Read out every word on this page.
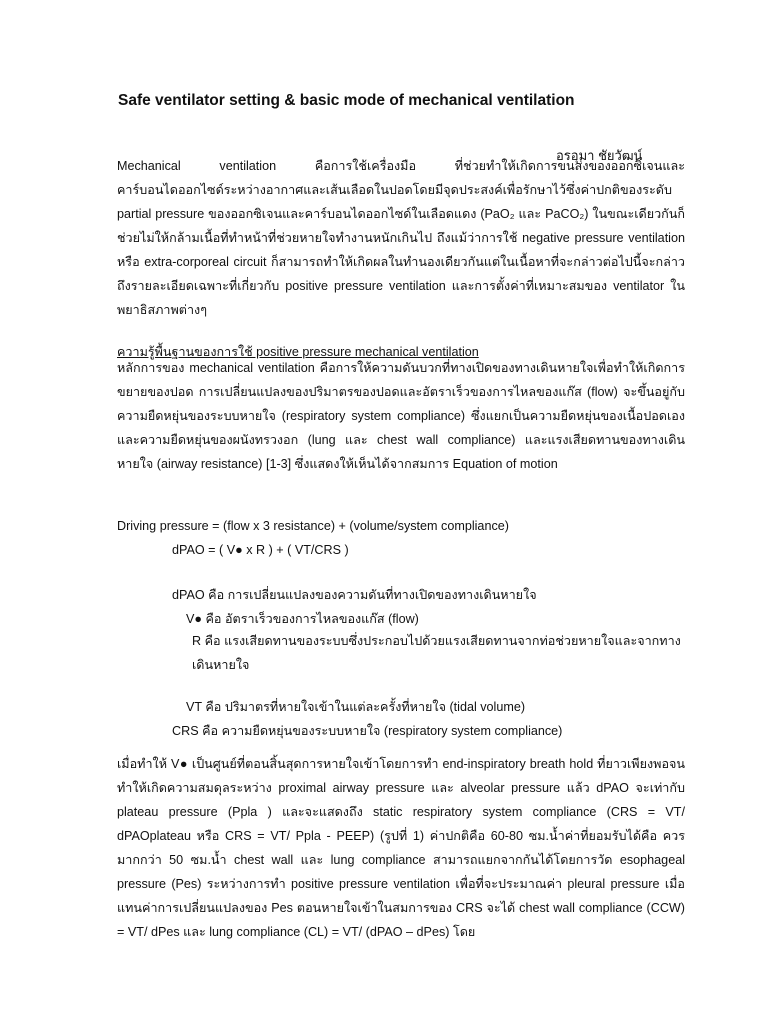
Safe ventilator setting & basic mode of mechanical ventilation
อรอุมา ชัยวัฒน์
Mechanical ventilation คือการใช้เครื่องมือ ที่ช่วยทำให้เกิดการขนส่งของออกซิเจนและคาร์บอนไดออกไซด์ระหว่างอากาศและเส้นเลือดในปอดโดยมีจุดประสงค์เพื่อรักษาไว้ซึ่งค่าปกติของระดับ partial pressure ของออกซิเจนและคาร์บอนไดออกไซด์ในเลือดแดง (PaO₂ และ PaCO₂) ในขณะเดียวกันก็ช่วยไม่ให้กล้ามเนื้อที่ทำหน้าที่ช่วยหายใจทำงานหนักเกินไป ถึงแม้ว่าการใช้ negative pressure ventilation หรือ extra-corporeal circuit ก็สามารถทำให้เกิดผลในทำนองเดียวกันแต่ในเนื้อหาที่จะกล่าวต่อไปนี้จะกล่าวถึงรายละเอียดเฉพาะที่เกี่ยวกับ positive pressure ventilation และการตั้งค่าที่เหมาะสมของ ventilator ในพยาธิสภาพต่างๆ
ความรู้พื้นฐานของการใช้ positive pressure mechanical ventilation
หลักการของ mechanical ventilation คือการให้ความดันบวกที่ทางเปิดของทางเดินหายใจเพื่อทำให้เกิดการขยายของปอด การเปลี่ยนแปลงของปริมาตรของปอดและอัตราเร็วของการไหลของแก๊ส (flow) จะขึ้นอยู่กับความยืดหยุ่นของระบบหายใจ (respiratory system compliance) ซึ่งแยกเป็นความยืดหยุ่นของเนื้อปอดเองและความยืดหยุ่นของผนังทรวงอก (lung และ chest wall compliance) และแรงเสียดทานของทางเดินหายใจ (airway resistance) [1-3] ซึ่งแสดงให้เห็นได้จากสมการ Equation of motion
Driving pressure = (flow x 3 resistance) + (volume/system compliance)
dPAO = ( V● x R ) + ( VT/CRS )
dPAO คือ การเปลี่ยนแปลงของความดันที่ทางเปิดของทางเดินหายใจ
V● คือ อัตราเร็วของการไหลของแก๊ส (flow)
R คือ แรงเสียดทานของระบบซึ่งประกอบไปด้วยแรงเสียดทานจากท่อช่วยหายใจและจากทางเดินหายใจ
VT คือ ปริมาตรที่หายใจเข้าในแต่ละครั้งที่หายใจ (tidal volume)
CRS คือ ความยืดหยุ่นของระบบหายใจ (respiratory system compliance)
เมื่อทำให้ V● เป็นศูนย์ที่ตอนสิ้นสุดการหายใจเข้าโดยการทำ end-inspiratory breath hold ที่ยาวเพียงพอจนทำให้เกิดความสมดุลระหว่าง proximal airway pressure และ alveolar pressure แล้ว dPAO จะเท่ากับ plateau pressure (Ppla ) และจะแสดงถึง static respiratory system compliance (CRS = VT/ dPAOplateau หรือ CRS = VT/ Ppla - PEEP) (รูปที่ 1) ค่าปกติคือ 60-80 ซม.น้ำค่าที่ยอมรับได้คือ ควรมากกว่า 50 ซม.น้ำ chest wall และ lung compliance สามารถแยกจากกันได้โดยการวัด esophageal pressure (Pes) ระหว่างการทำ positive pressure ventilation เพื่อที่จะประมาณค่า pleural pressure เมื่อแทนค่าการเปลี่ยนแปลงของ Pes ตอนหายใจเข้าในสมการของ CRS จะได้ chest wall compliance (CCW) = VT/ dPes และ lung compliance (CL) = VT/ (dPAO – dPes) โดย
